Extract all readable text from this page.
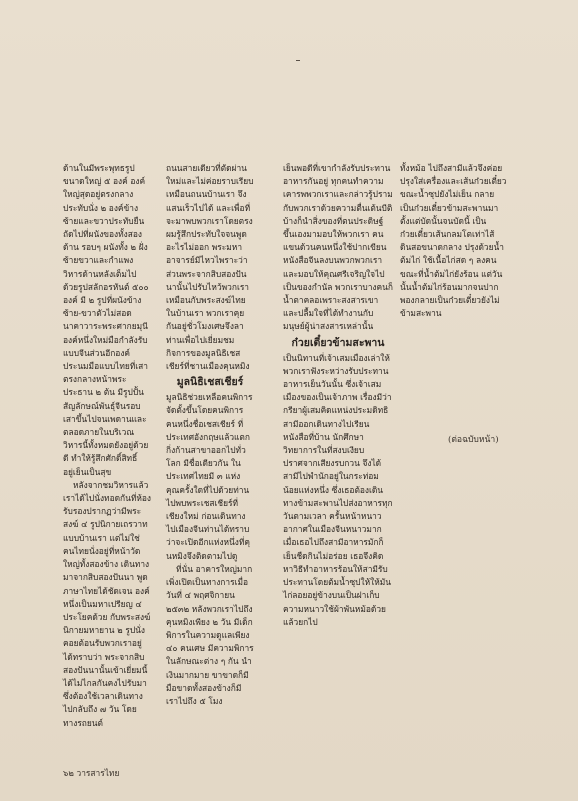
ด้านในมีพระพุทธรูปขนาดใหญ่ ๕ องค์ องค์ใหญ่สุดอยู่ตรงกลาง ประทับนั่ง ๒ องค์ข้างซ้ายและขวาประทับยืน ถัดไปที่ผนังของทั้งสองด้าน รอบๆ ผนังทั้ง ๒ ฝั่งซ้ายขวาและกำแพงวิหารด้านหลังเต็มไปด้วยรูปสลักอรหันต์ ๕๐๐ องค์ มี ๒ รูปที่ผนังข้างซ้าย-ขวาตัวไม่สอดนาคาวาระพระศากยมุนีองค์หนึ่งใหม่มือกำลังรับแบบจีนส่วนอีกองค์ประนมมือแบบไทยที่เสาตรงกลางหน้าพระประธาน ๒ ต้น มีรูปปั้นสัญลักษณ์พันธุ์จีนรอบเสาขึ้นไปจนเพดานและตลอดภายในบริเวณวิหารนี้ทั้งหมดยังอยู่ด้วยดี ทำให้รู้สึกศักดิ์สิทธิ์อยู่เย็นเป็นสุข

หลังจากชมวิหารแล้วเราได้ไปนั่งทอดกันที่ห้องรับรองปรากฏว่ามีพระสงฆ์ ๔ รูปนิกายเถรวาทแบบบ้านเรา แต่ไม่ใช่คนไทยนั่งอยู่ที่หน้าวัดใหญ่ทั้งสองข้าง เดินทางมาจากสิบสองปันนา พูดภาษาไทยได้ชัดเจน องค์หนึ่งเป็นมหาเปรียญ ๔ ประโยคด้วย กับพระสงฆ์นิกายมหายาน ๒ รูปนั่งคอยต้อนรับพวกเราอยู่ ได้ทราบว่า พระจากสิบสองปันนานั้นเข้าเยี่ยมนี้ได้ไม่ไกลกันคงไปรับมาซึ่งต้องใช้เวลาเดินทางไปกลับถึง ๗ วัน โดยทางรถยนต์

ถนนสายเดียวที่ตัดผ่านใหม่และไม่ค่อยราบเรียบเหมือนถนนบ้านเรา จึงแสนเร็วไปได้ และเพื่อที่จะมาพบพวกเราโดยตรงผมรู้สึกประทับใจจนพูดอะไรไม่ออก พระมหาอาจารย์มีไหวไพราะว่า ส่วนพระจากสิบสองปันนานั้นไปรับไหว้พวกเรา เหมือนกับพระสงฆ์ไทยในบ้านเรา พวกเราคุยกันอยู่ชั่วโมงเศษจึงลาท่านเพื่อไปเยี่ยมชมกิจการของมูลนิธิเชสเชียร์ที่ชานเมืองคุนหมิง

มูลนิธิเชสเชียร์

มูลนิธิช่วยเหลือคนพิการ จัดตั้งขึ้นโดยคนพิการคนหนึ่งชื่อเชสเชียร์ ที่ประเทศอังกฤษแล้วแตกกิ่งก้านสาขาออกไปทั่วโลก มีชื่อเดียวกัน ในประเทศไทยมี ๓ แห่ง คุณครั้งใดที่ไปด้วยท่านไปพบพระเชสเชียร์ที่เชียงใหม่ ก่อนเดินทางไปเมืองจีนท่านได้ทราบว่าจะเปิดอีกแห่งหนึ่งที่คุนหมิงจึงติดตามไปดู

ที่นั่น อาคารใหญ่มากเพิ่งเปิดเป็นทางการเมื่อวันที่ ๔ พฤศจิกายน ๒๕๓๒ หลังพวกเราไปถึงคุนหมิงเพียง ๒ วัน มีเด็กพิการในความดูแลเพียง ๔๐ คนเศษ มีความพิการในลักษณะต่าง ๆ กัน นำเงินมากมาย ขาขาดก็มี มือขาดทั้งสองข้างก็มี เราไปถึง ๕ โมง

เย็นพอดีที่เขากำลังรับประทานอาหารกันอยู่ ทุกคนทำความเคารพพวกเราและกล่าวรู้ปรามกับพวกเราด้วยความตื่นเต้นบีติบ้างก็นำสิ่งของที่ตนประดิษฐ์ขึ้นเองมามอบให้พวกเรา คนแขนด้วนคนหนึ่งใช้ปากเขียนหนังสือจีนลงบนพวกพวกเราและมอบให้คุณศรีเจริญใจไปเป็นของกำนัล พวกเราบางคนก็น้ำตาคลอเพราะสงสารเขา และปลื้มใจที่ได้ทำงานกับมนุษย์ผู้น่าสงสารเหล่านั้น

ก๋วยเตี๋ยวข้ามสะพาน

เป็นนิทานที่เจ้าเสมเมืองเล่าให้พวกเราฟังระหว่างรับประทานอาหารเย็นวันนั้น ซึ่งเจ้าเสมเมืองของเป็นเจ้าภาพ เรื่องมีว่ากรียาผู้เสมคิดแหน่งประมดิทธิสามีออกเดินทางไปเรียนหนังสือที่บ้าน นักศึกษาวิทยาการในที่สงบเงียบ ปราศจากเสียงรบกวน จึงได้สามีไปพำนักอยู่ในกระท่อมน้อยแห่งหนึ่ง ซึ่งเธอต้องเดินทางข้ามสะพานไปส่งอาหารทุกวันตามเวลา ครั้นหน้าหนาวอากาศในเมืองจีนหนาวมาก เมื่อเธอไปถึงสามีอาหารมักก็เย็นชืดกินไม่อร่อย เธอจึงคิดหาวิธีทำอาหารร้อนให้สามีรับประทานโดยต้มน้ำซุปให้ให้มันไก่ลอยอยู่ข้างบนเป็นฝาเก็บความหนาวใช้ผ้าพันหม้อด้วยแล้วยกไป

ทั้งหม้อ ไปถึงสามีแล้วจึงค่อยปรุงใส่เครื่องและเส้นก๋วยเตี๋ยว ขณะน้ำซุปยังไม่เย็น กลายเป็นก๋วยเตี๋ยวข้ามสะพานมาตั้งแต่บัดนั้นจนบัดนี้ เป็นก๋วยเตี๋ยวเส้นกลมโตเท่าไส้ดินสอขนาดกลาง ปรุงด้วยน้ำต้มไก่ ใช้เนื้อไก่สด ๆ ลงคนขณะที่น้ำต้มไก่ยังร้อน แต่วันนั้นน้ำต้มไก่ร้อนมากจนปากพองกลายเป็นก๋วยเตี๋ยวยังไม่ข้ามสะพาน

(ต่อฉบับหน้า)
๖๒ วารสารไทย
